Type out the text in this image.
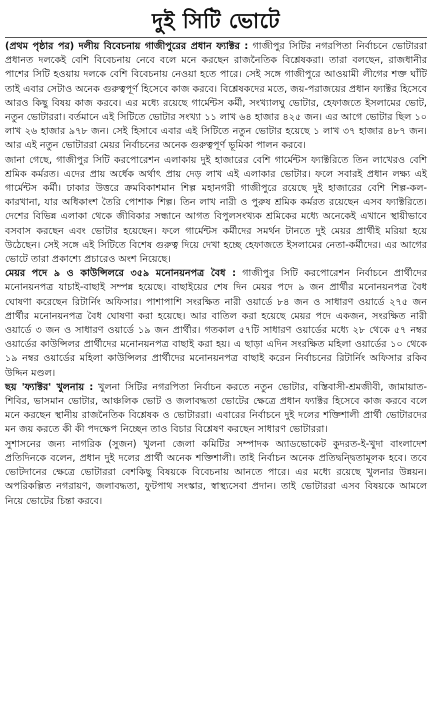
দুই সিটি ভোটে

(প্রথম পৃষ্ঠার পর) দলীয় বিবেচনায় গাজীপুরের প্রধান ফ্যাক্টর : গাজীপুর সিটির নগরপিতা নির্বাচনে ভোটাররা প্রধানত দলকেই বেশি বিবেচনায় নেবে বলে মনে করছেন রাজনৈতিক বিশ্লেষকরা। তারা বলছেন, রাজধানীর পাশের সিটি হওয়ায় দলকে বেশি বিবেচনায় নেওয়া হতে পারে। সেই সঙ্গে গাজীপুরে আওয়ামী লীগের শক্ত ঘাঁটি তাই এবার সেটাও অনেক গুরুত্বপূর্ণ হিসেবে কাজ করবে। বিশ্লেষকদের মতে, জয়-পরাজয়ের প্রধান ফ্যাক্টর হিসেবে আরও কিছু বিষয় কাজ করবে। এর মধ্যে রয়েছে গার্মেন্টস কর্মী, সংখ্যালঘু ভোটার, হেফাজতে ইসলামের ভোট, নতুন ভোটাররা। বর্তমানে এই সিটিতে ভোটার সংখ্যা ১১ লাখ ৬৪ হাজার ৪২৫ জন। এর আগে ভোটার ছিল ১০ লাখ ২৬ হাজার ৯৭৮ জন। সেই হিসাবে এবার এই সিটিতে নতুন ভোটার হয়েছে ১ লাখ ৩৭ হাজার ৪৮৭ জন। আর এই নতুন ভোটাররা মেয়র নির্বাচনের অনেক গুরুত্বপূর্ণ ভূমিকা পালন করবে।

জানা গেছে, গাজীপুর সিটি করপোরেশন এলাকায় দুই হাজারের বেশি গার্মেন্টস ফ্যাক্টরিতে তিন লাখেরও বেশি শ্রমিক কর্মরত। এদের প্রায় অর্ধেক অর্থাৎ প্রায় দেড় লাখ এই এলাকার ভোটার। ফলে সবারই প্রধান লক্ষ্য এই গার্মেন্টস কর্মী। ঢাকার উত্তরে ক্রমবিকাশমান শিল্প মহানগরী গাজীপুরে রয়েছে দুই হাজারের বেশি শিল্প-কল-কারখানা, যার অধিকাংশ তৈরি পোশাক শিল্প। তিন লাখ নারী ও পুরুষ শ্রমিক কর্মরত রয়েছেন এসব ফ্যাক্টরিতে। দেশের বিভিন্ন এলাকা থেকে জীবিকার সন্ধানে আগত বিপুলসংখ্যক শ্রমিকের মধ্যে অনেকেই এখানে স্থায়ীভাবে বসবাস করছেন এবং ভোটার হয়েছেন। ফলে গার্মেন্টস কর্মীদের সমর্থন টানতে দুই মেয়র প্রার্থীই মরিয়া হয়ে উঠেছেন। সেই সঙ্গে এই সিটিতে বিশেষ গুরুত্ব দিয়ে দেখা হচ্ছে হেফাজতে ইসলামের নেতা-কর্মীদের। এর আগের ভোটে তারা প্রকাশ্যে প্রচারেও অংশ নিয়েছে।

মেয়র পদে ৯ ও কাউন্সিলরে ৩৫৯ মনোনয়নপত্র বৈধ : গাজীপুর সিটি করপোরেশন নির্বাচনে প্রার্থীদের মনোনয়নপত্র যাচাই-বাছাই সম্পন্ন হয়েছে। বাছাইয়ের শেষ দিন মেয়র পদে ৯ জন প্রার্থীর মনোনয়নপত্র বৈধ ঘোষণা করেছেন রিটার্নিং অফিসার। পাশাপাশি সংরক্ষিত নারী ওয়ার্ডে ৮৪ জন ও সাধারণ ওয়ার্ডে ২৭৫ জন প্রার্থীর মনোনয়নপত্র বৈধ ঘোষণা করা হয়েছে। আর বাতিল করা হয়েছে মেয়র পদে একজন, সংরক্ষিত নারী ওয়ার্ডে ৩ জন ও সাধারণ ওয়ার্ডে ১৯ জন প্রার্থীর। গতকাল ৫৭টি সাধারণ ওয়ার্ডের মধ্যে ২৮ থেকে ৫৭ নম্বর ওয়ার্ডের কাউন্সিলর প্রার্থীদের মনোনয়নপত্র বাছাই করা হয়। এ ছাড়া এদিন সংরক্ষিত মহিলা ওয়ার্ডের ১০ থেকে ১৯ নম্বর ওয়ার্ডের মহিলা কাউন্সিলর প্রার্থীদের মনোনয়নপত্র বাছাই করেন নির্বাচনের রিটার্নিং অফিসার রকিব উদ্দিন মণ্ডল।

ছয় 'ফ্যাক্টর' খুলনায় : খুলনা সিটির নগরপিতা নির্বাচন করতে নতুন ভোটার, বস্তিবাসী-শ্রমজীবী, জামায়াত-শিবির, ভাসমান ভোটার, আঞ্চলিক ভোট ও জলাবদ্ধতা ভোটের ক্ষেত্রে প্রধান ফ্যাক্টর হিসেবে কাজ করবে বলে মনে করছেন স্থানীয় রাজনৈতিক বিশ্লেষক ও ভোটাররা। এবারের নির্বাচনে দুই দলের শক্তিশালী প্রার্থী ভোটারদের মন জয় করতে কী কী পদক্ষেপ নিচ্ছেন তাও বিচার বিশ্লেষণ করছেন সাধারণ ভোটাররা।

সুশাসনের জন্য নাগরিক (সুজন) খুলনা জেলা কমিটির সম্পাদক অ্যাডভোকেট কুদরত-ই-খুদা বাংলাদেশ প্রতিদিনকে বলেন, প্রধান দুই দলের প্রার্থী অনেক শক্তিশালী। তাই নির্বাচন অনেক প্রতিদ্বন্দ্বিতামূলক হবে। তবে ভোটদানের ক্ষেত্রে ভোটাররা বেশকিছু বিষয়কে বিবেচনায় আনতে পারে। এর মধ্যে রয়েছে খুলনার উন্নয়ন। অপরিকল্পিত নগরায়ণ, জলাবদ্ধতা, ফুটপাথ সংস্কার, স্বাস্থ্যসেবা প্রদান। তাই ভোটাররা এসব বিষয়কে আমলে নিয়ে ভোটের চিন্তা করবে।
